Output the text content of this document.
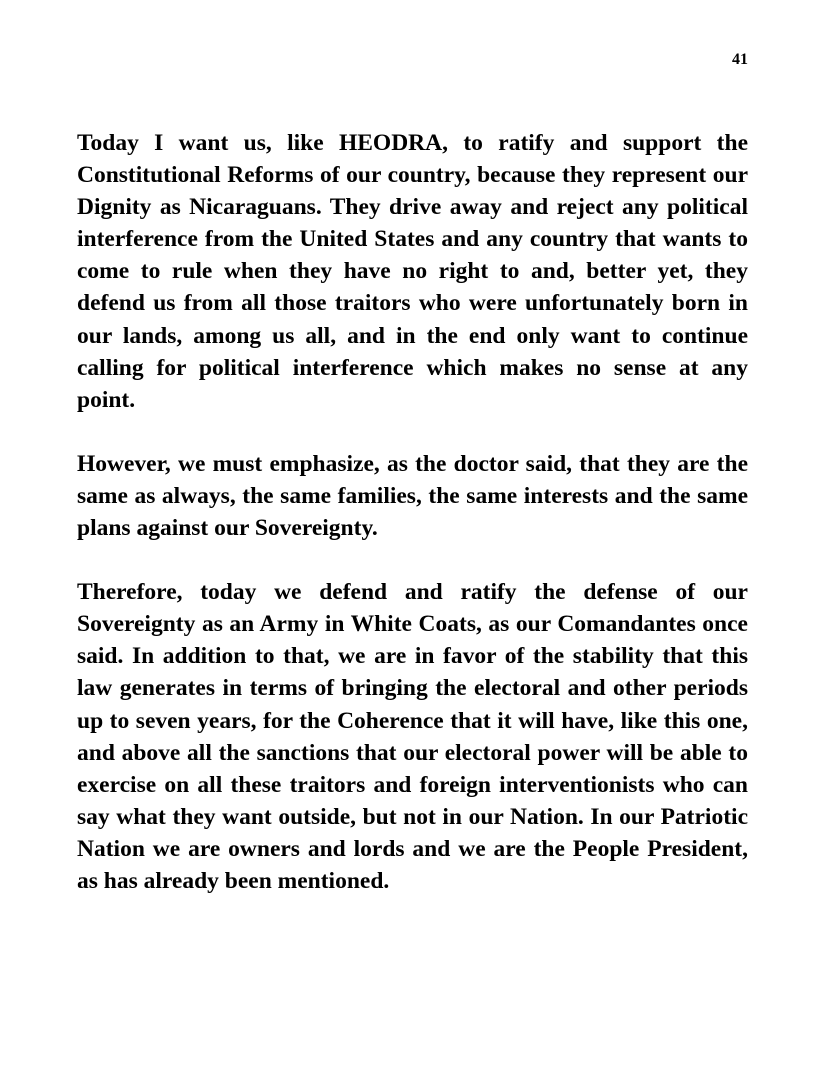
41

Today I want us, like HEODRA, to ratify and support the Constitutional Reforms of our country, because they represent our Dignity as Nicaraguans. They drive away and reject any political interference from the United States and any country that wants to come to rule when they have no right to and, better yet, they defend us from all those traitors who were unfortunately born in our lands, among us all, and in the end only want to continue calling for political interference which makes no sense at any point.

However, we must emphasize, as the doctor said, that they are the same as always, the same families, the same interests and the same plans against our Sovereignty.

Therefore, today we defend and ratify the defense of our Sovereignty as an Army in White Coats, as our Comandantes once said. In addition to that, we are in favor of the stability that this law generates in terms of bringing the electoral and other periods up to seven years, for the Coherence that it will have, like this one, and above all the sanctions that our electoral power will be able to exercise on all these traitors and foreign interventionists who can say what they want outside, but not in our Nation. In our Patriotic Nation we are owners and lords and we are the People President, as has already been mentioned.
